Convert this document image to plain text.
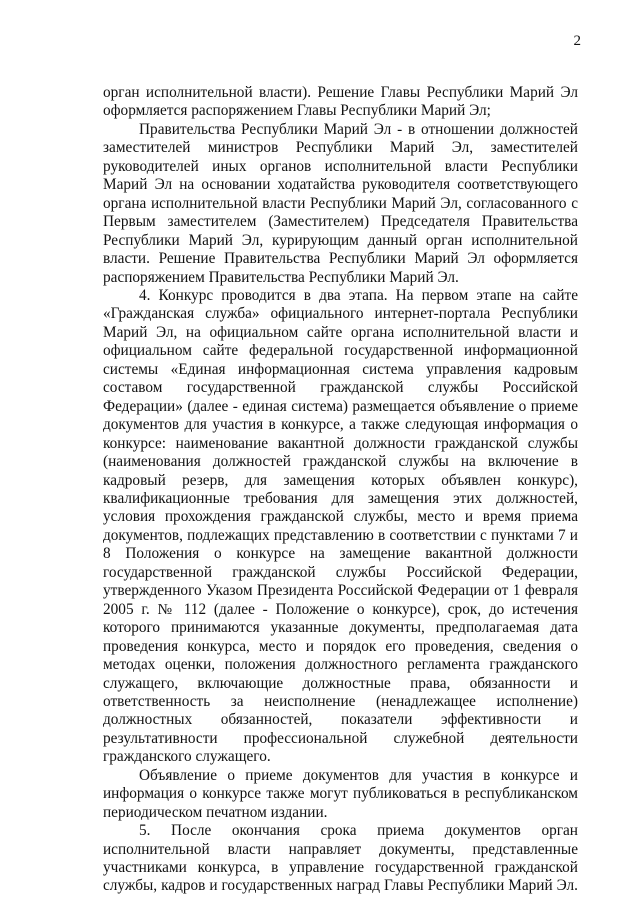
2

орган исполнительной власти). Решение Главы Республики Марий Эл оформляется распоряжением Главы Республики Марий Эл;

Правительства Республики Марий Эл - в отношении должностей заместителей министров Республики Марий Эл, заместителей руководителей иных органов исполнительной власти Республики Марий Эл на основании ходатайства руководителя соответствующего органа исполнительной власти Республики Марий Эл, согласованного с Первым заместителем (Заместителем) Председателя Правительства Республики Марий Эл, курирующим данный орган исполнительной власти. Решение Правительства Республики Марий Эл оформляется распоряжением Правительства Республики Марий Эл.

4. Конкурс проводится в два этапа. На первом этапе на сайте «Гражданская служба» официального интернет-портала Республики Марий Эл, на официальном сайте органа исполнительной власти и официальном сайте федеральной государственной информационной системы «Единая информационная система управления кадровым составом государственной гражданской службы Российской Федерации» (далее - единая система) размещается объявление о приеме документов для участия в конкурсе, а также следующая информация о конкурсе: наименование вакантной должности гражданской службы (наименования должностей гражданской службы на включение в кадровый резерв, для замещения которых объявлен конкурс), квалификационные требования для замещения этих должностей, условия прохождения гражданской службы, место и время приема документов, подлежащих представлению в соответствии с пунктами 7 и 8 Положения о конкурсе на замещение вакантной должности государственной гражданской службы Российской Федерации, утвержденного Указом Президента Российской Федерации от 1 февраля 2005 г. № 112 (далее - Положение о конкурсе), срок, до истечения которого принимаются указанные документы, предполагаемая дата проведения конкурса, место и порядок его проведения, сведения о методах оценки, положения должностного регламента гражданского служащего, включающие должностные права, обязанности и ответственность за неисполнение (ненадлежащее исполнение) должностных обязанностей, показатели эффективности и результативности профессиональной служебной деятельности гражданского служащего.

Объявление о приеме документов для участия в конкурсе и информация о конкурсе также могут публиковаться в республиканском периодическом печатном издании.

5. После окончания срока приема документов орган исполнительной власти направляет документы, представленные участниками конкурса, в управление государственной гражданской службы, кадров и государственных наград Главы Республики Марий Эл.
